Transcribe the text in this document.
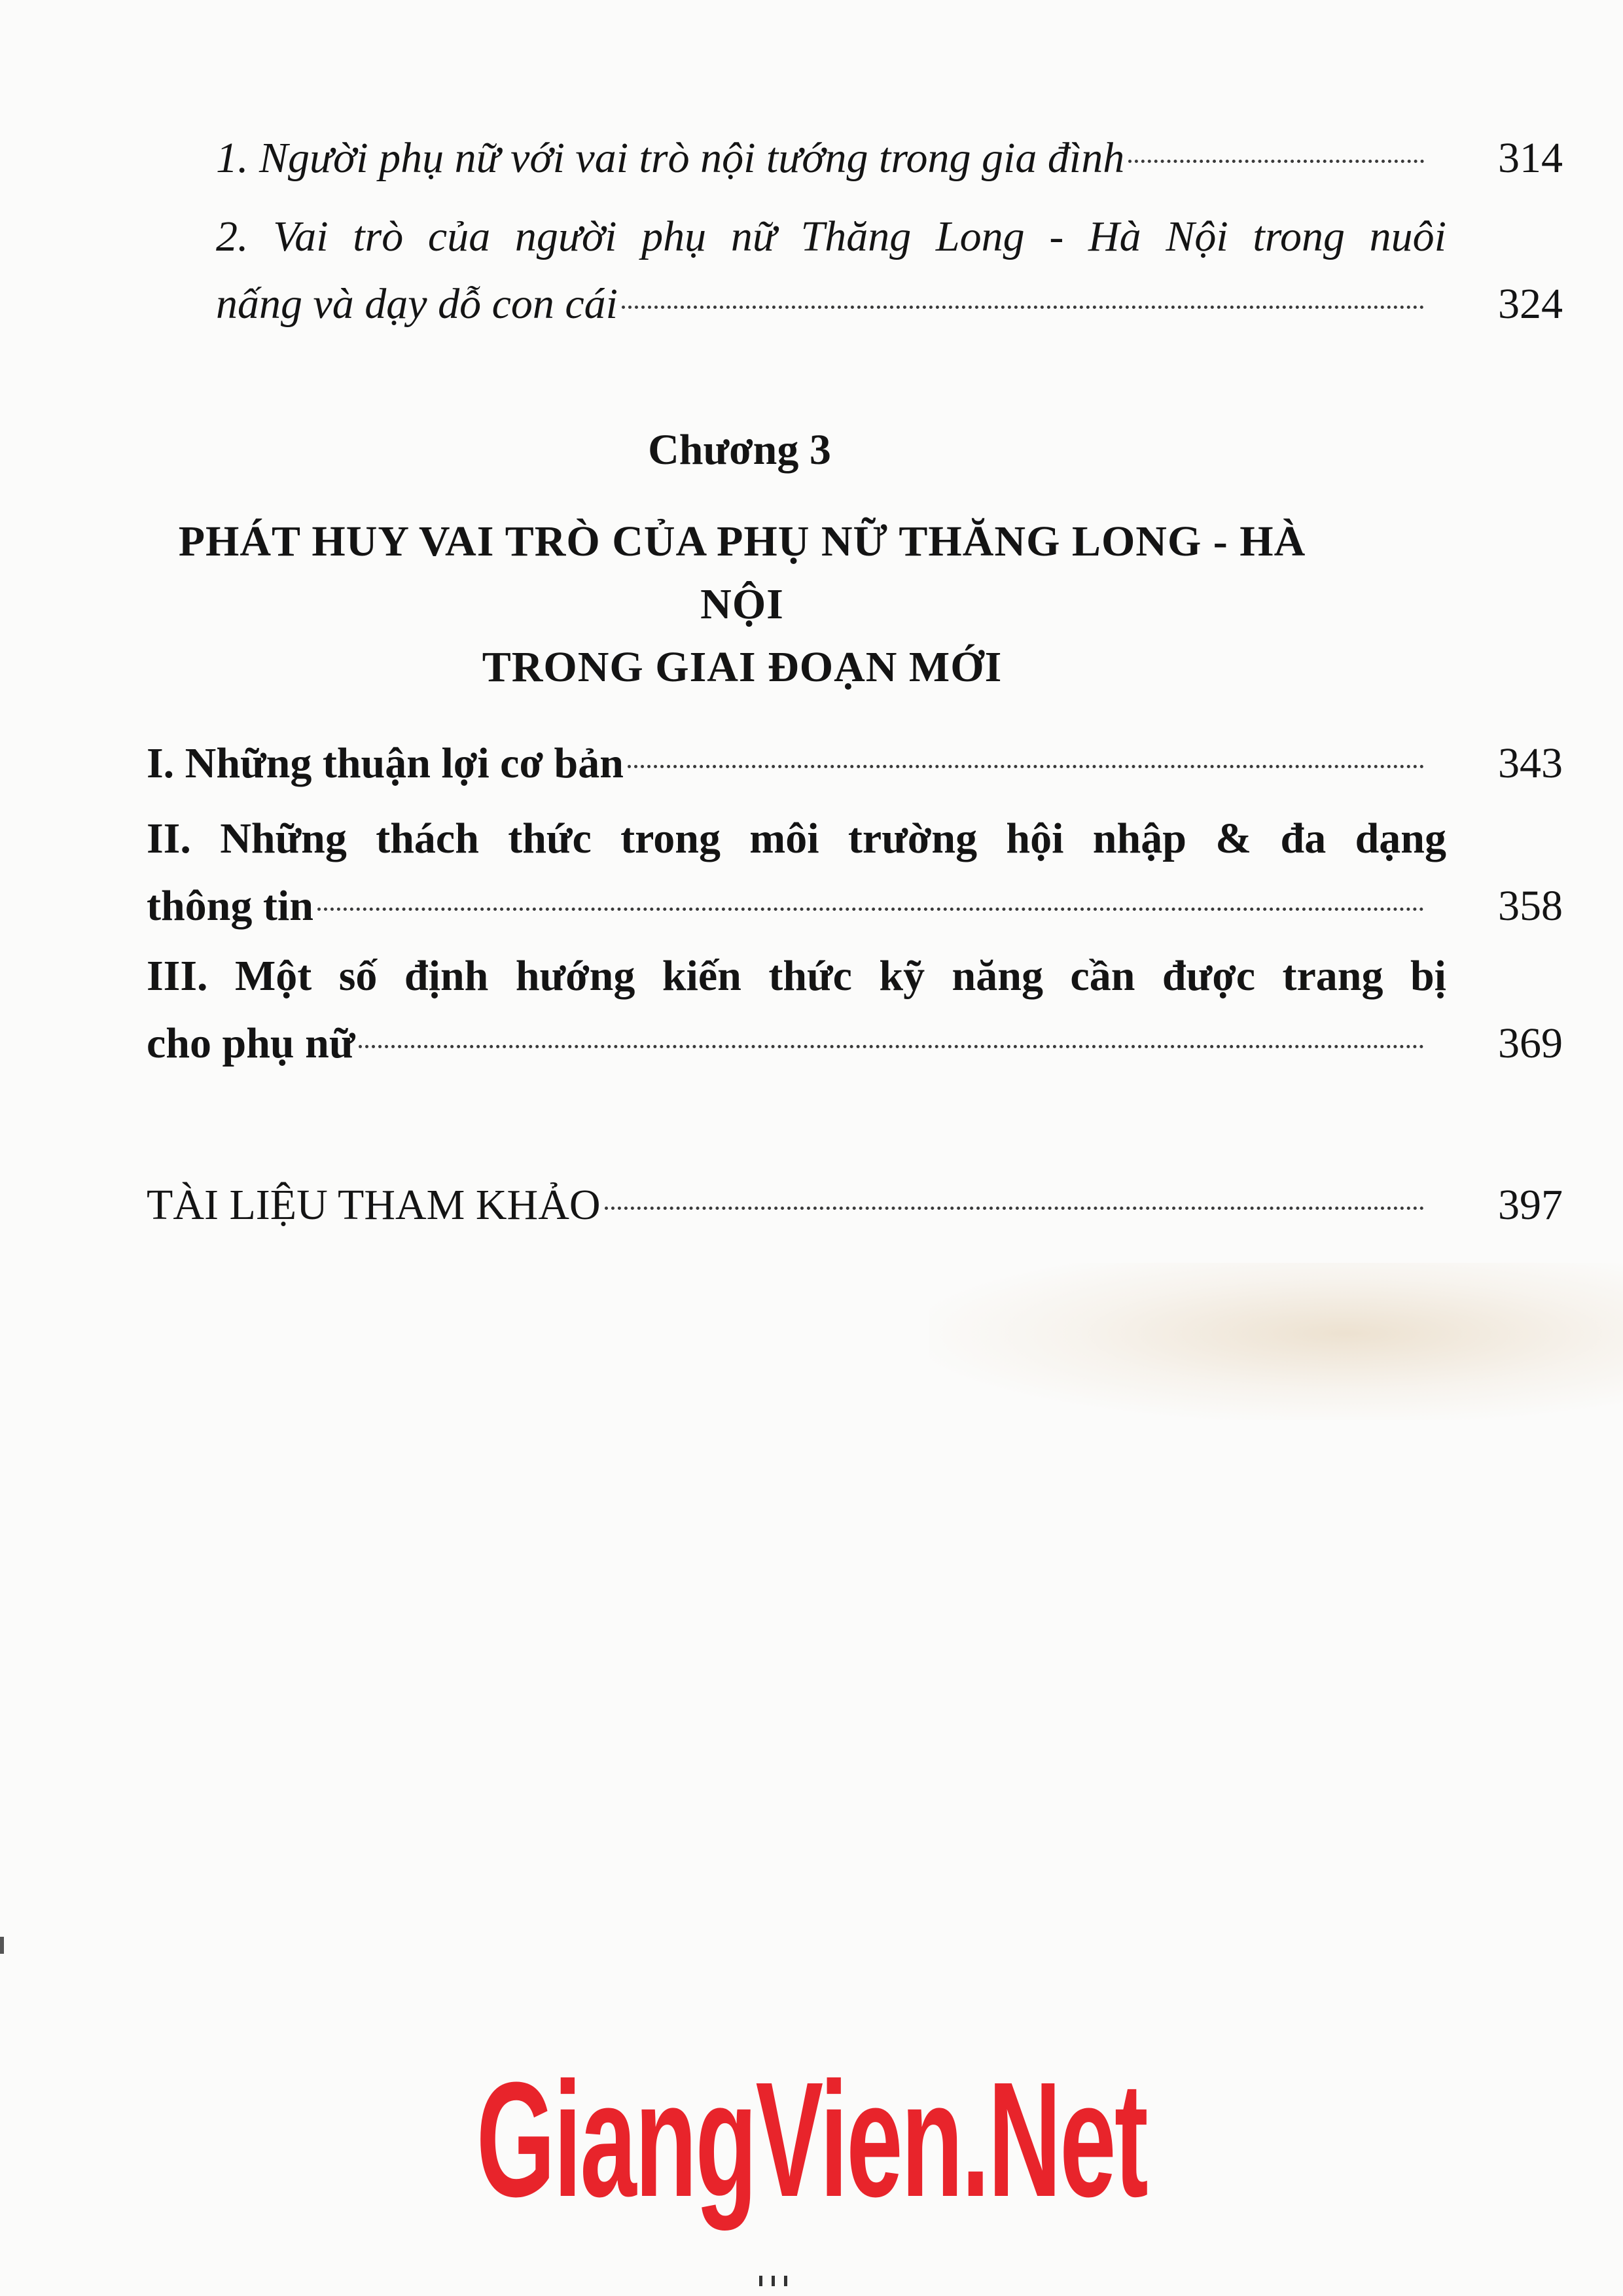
1. Người phụ nữ với vai trò nội tướng trong gia đình	314
2. Vai trò của người phụ nữ Thăng Long - Hà Nội trong nuôi
nấng và dạy dỗ con cái	324
Chương 3
PHÁT HUY VAI TRÒ CỦA PHỤ NỮ THĂNG LONG - HÀ NỘI
TRONG GIAI ĐOẠN MỚI
I. Những thuận lợi cơ bản	343
II. Những thách thức trong môi trường hội nhập & đa dạng
thông tin	358
III. Một số định hướng kiến thức kỹ năng cần được trang bị
cho phụ nữ	369
TÀI LIỆU THAM KHẢO	397
GiangVien.Net
